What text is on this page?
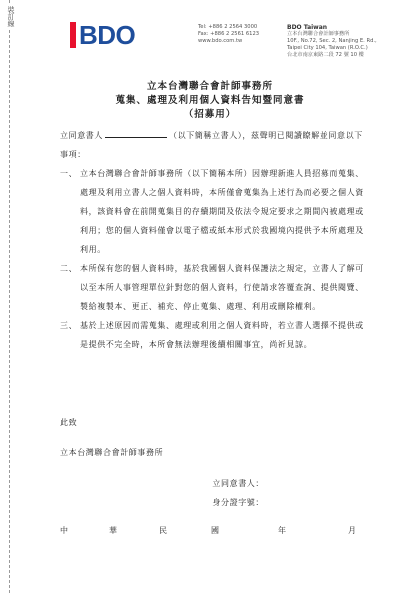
裝訂線
BDO	Tel: +886 2 2564 3000
Fax: +886 2 2561 6123
www.bdo.com.tw
BDO Taiwan
立本台灣聯合會計師事務所
10F., No.72, Sec. 2, Nanjing E. Rd.,
Taipei City 104, Taiwan (R.O.C.)
台北市南京東路二段 72 號 10 樓
立本台灣聯合會計師事務所
蒐集、處理及利用個人資料告知暨同意書
（招募用）

立同意書人	（以下簡稱立書人），茲聲明已閱讀瞭解並同意以下事項：

一、 立本台灣聯合會計師事務所（以下簡稱本所）因辦理新進人員招募而蒐集、處理及利用立書人之個人資料時，本所僅會蒐集為上述行為而必要之個人資料，該資料會在前開蒐集目的存續期間及依法令規定要求之期間內被處理或利用；您的個人資料僅會以電子檔或紙本形式於我國境內提供予本所處理及利用。

二、 本所保有您的個人資料時，基於我國個人資料保護法之規定，立書人了解可以至本所人事管理單位針對您的個人資料，行使請求答覆查詢、提供閱覽、製給複製本、更正、補充、停止蒐集、處理、利用或刪除權利。

三、 基於上述原因而需蒐集、處理或利用之個人資料時，若立書人選擇不提供或是提供不完全時，本所會無法辦理後續相關事宜，尚祈見諒。

此致
立本台灣聯合會計師事務所
立同意書人：
身分證字號：
中	華	民	國	年	月
